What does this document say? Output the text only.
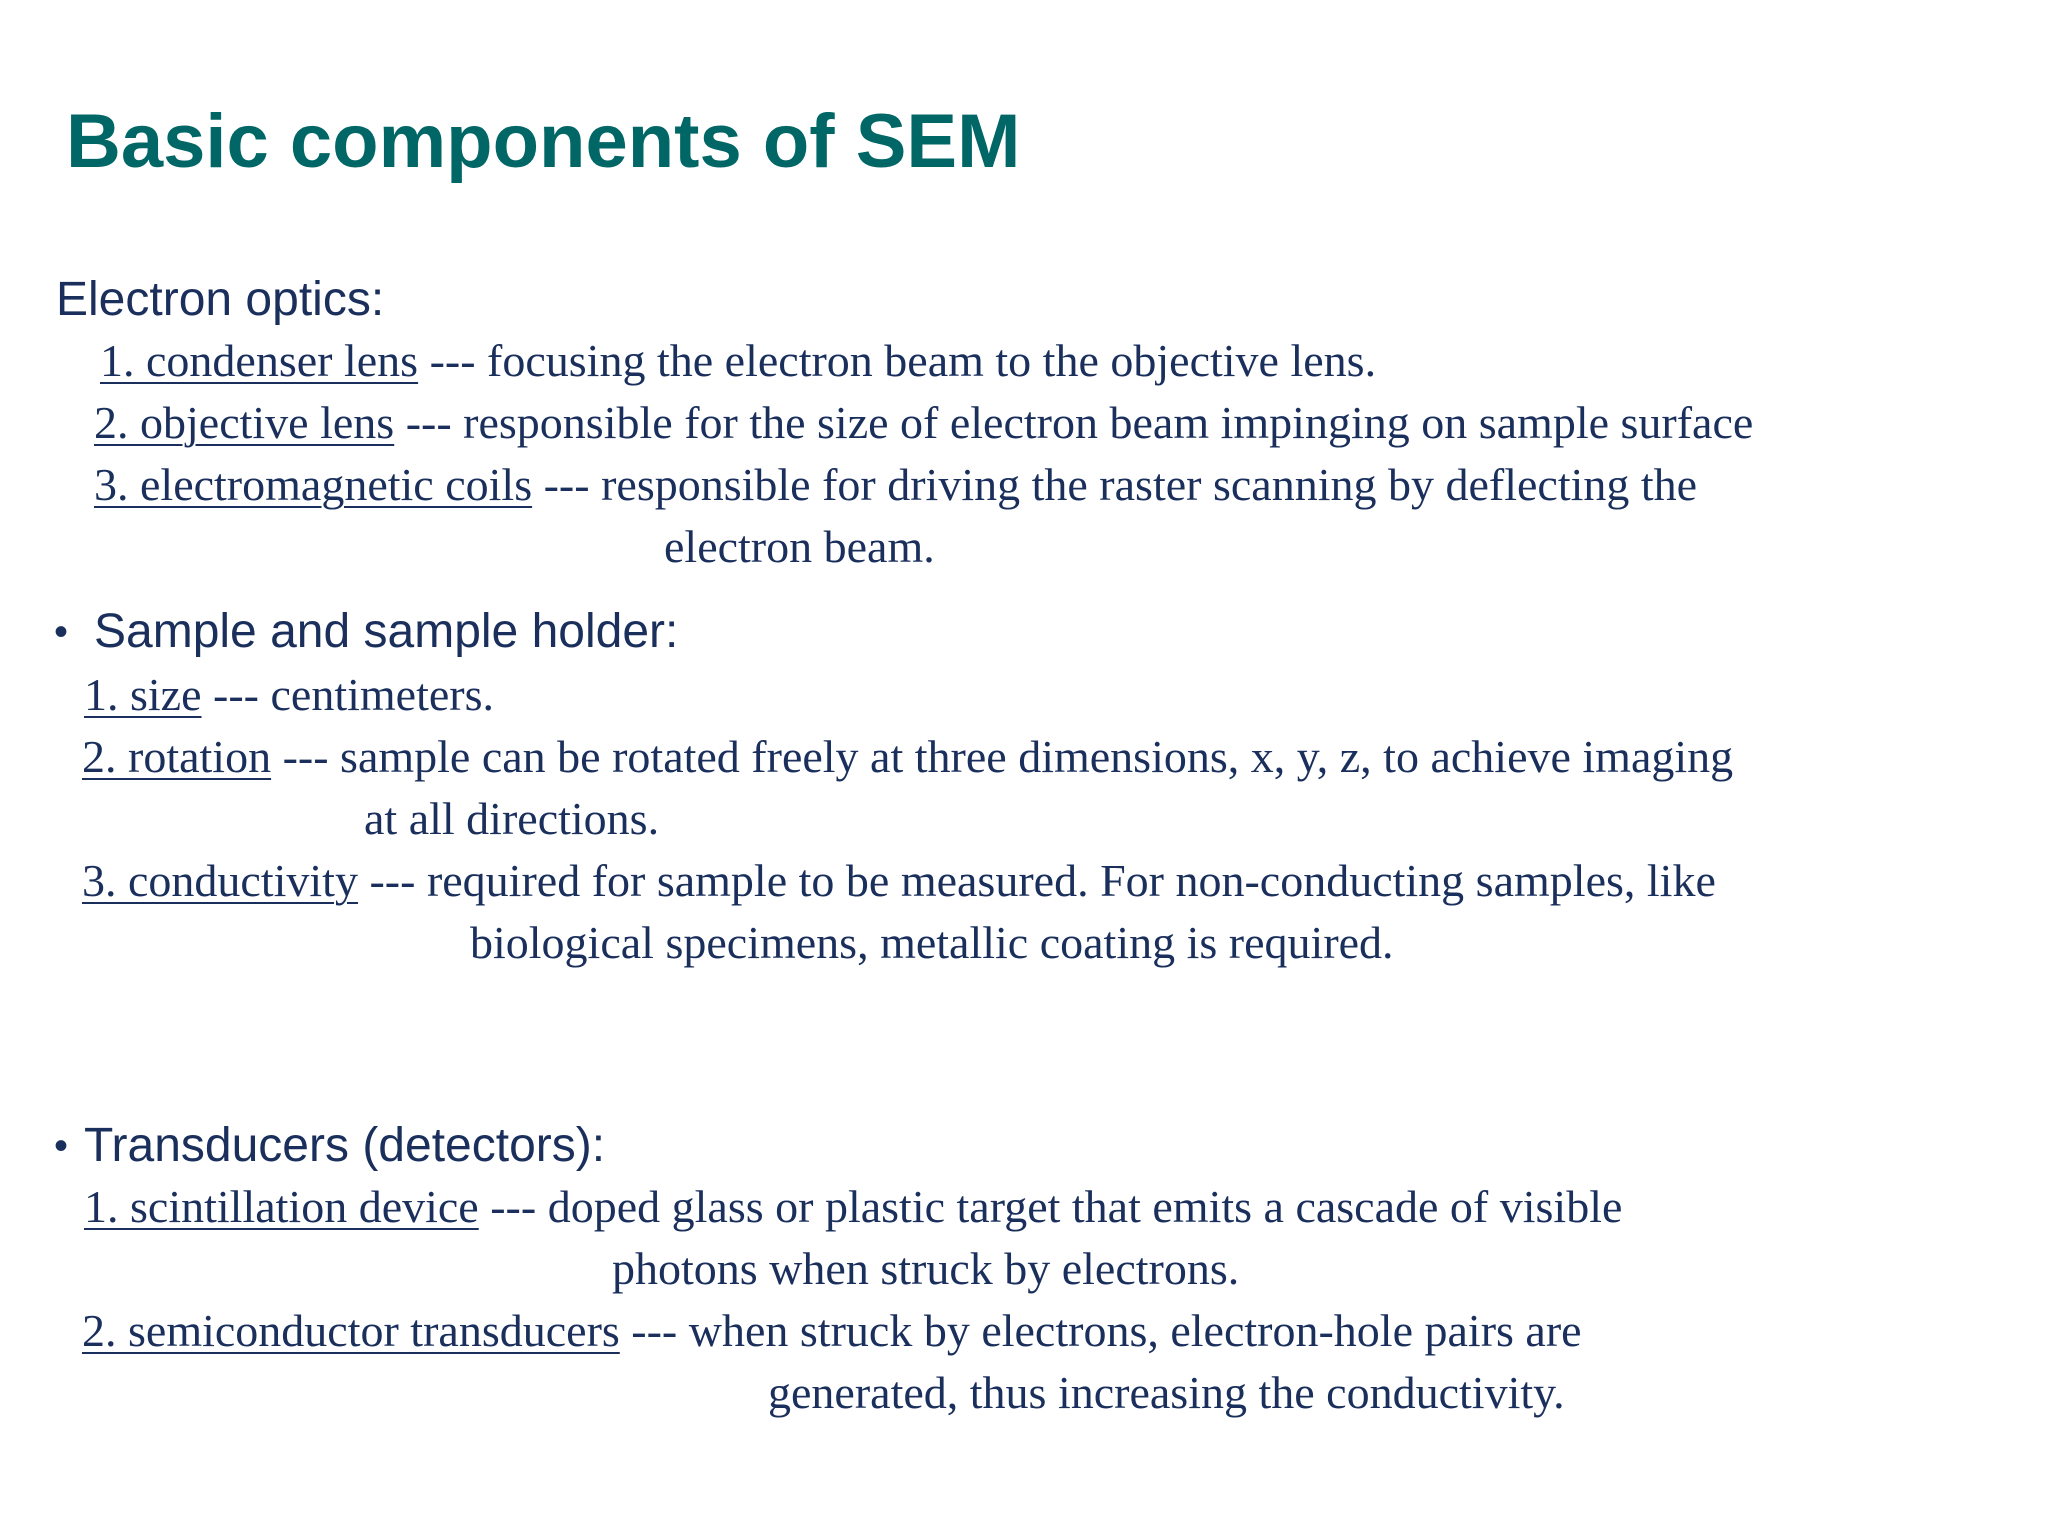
Basic components of SEM
Electron optics:

1. condenser lens --- focusing the electron beam to the objective lens.

2. objective lens --- responsible for the size of electron beam impinging on sample surface

3. electromagnetic coils --- responsible for driving the raster scanning by deflecting the

electron beam.

• Sample and sample holder:

1. size --- centimeters.

2. rotation --- sample can be rotated freely at three dimensions, x, y, z, to achieve imaging

at all directions.

3. conductivity --- required for sample to be measured. For non-conducting samples, like

biological specimens, metallic coating is required.

• Transducers (detectors):

1. scintillation device --- doped glass or plastic target that emits a cascade of visible

photons when struck by electrons.

2. semiconductor transducers --- when struck by electrons, electron-hole pairs are

generated, thus increasing the conductivity.
